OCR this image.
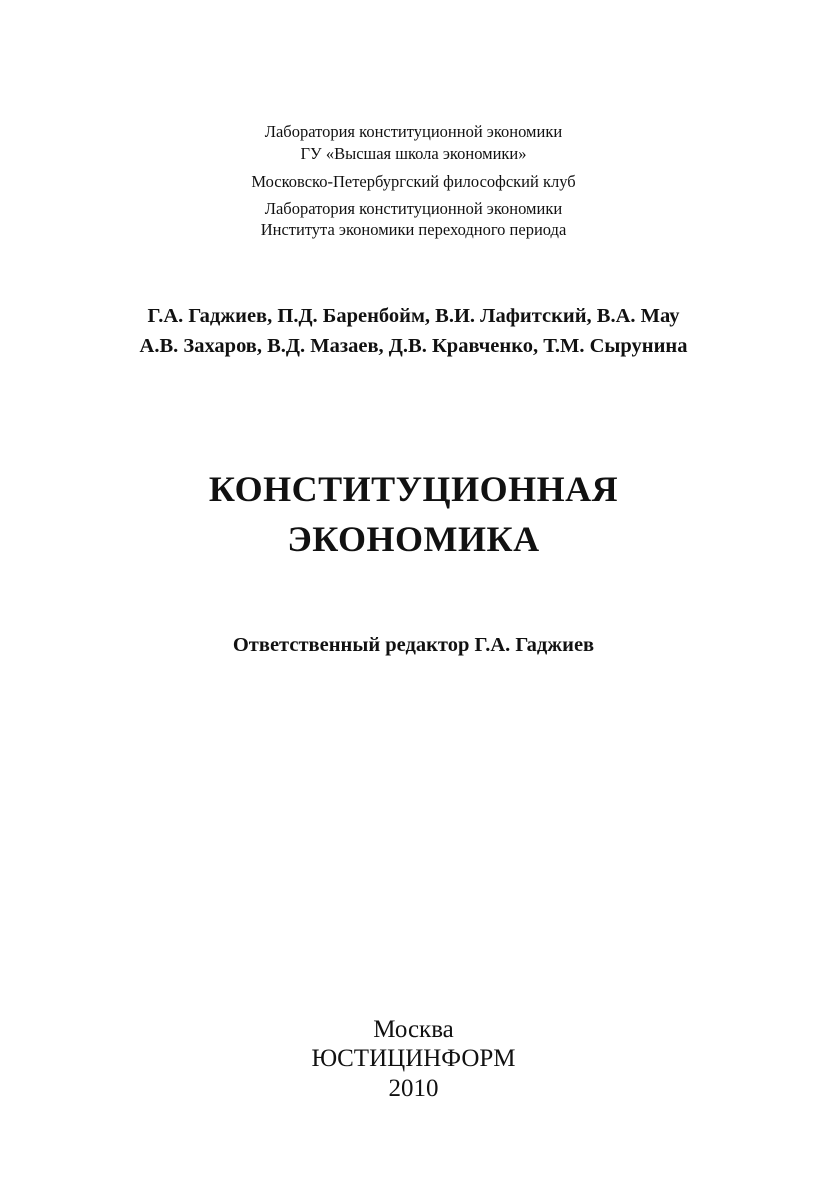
Лаборатория конституционной экономики

ГУ «Высшая школа экономики»

Московско-Петербургский философский клуб

Лаборатория конституционной экономики

Института экономики переходного периода

Г.А. Гаджиев, П.Д. Баренбойм, В.И. Лафитский, В.А. Мау

А.В. Захаров, В.Д. Мазаев, Д.В. Кравченко, Т.М. Сырунина

КОНСТИТУЦИОННАЯ
ЭКОНОМИКА

Ответственный редактор Г.А. Гаджиев

Москва

ЮСТИЦИНФОРМ

2010
